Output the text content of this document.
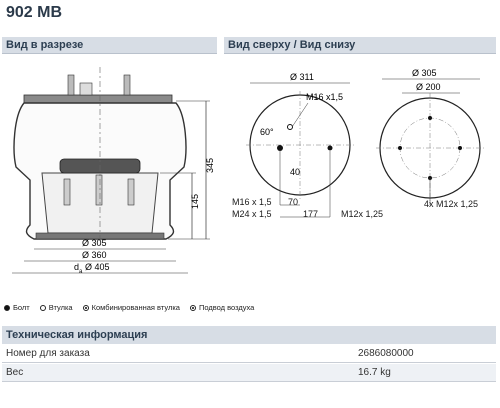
902 MB
Вид в разрезе	Вид сверху / Вид снизу
345
145
Ø 305
Ø 360
d a Ø 405
Ø 311
M16 x1,5
60°
40
M16 x 1,5
M24 x 1,5
70
177	M12x 1,25
Ø 305
Ø 200
4x M12x 1,25
Болт	Втулка	Комбинированная втулка	Подвод воздуха
Техническая информация
Номер для заказа	2686080000
Вес	16.7 kg
